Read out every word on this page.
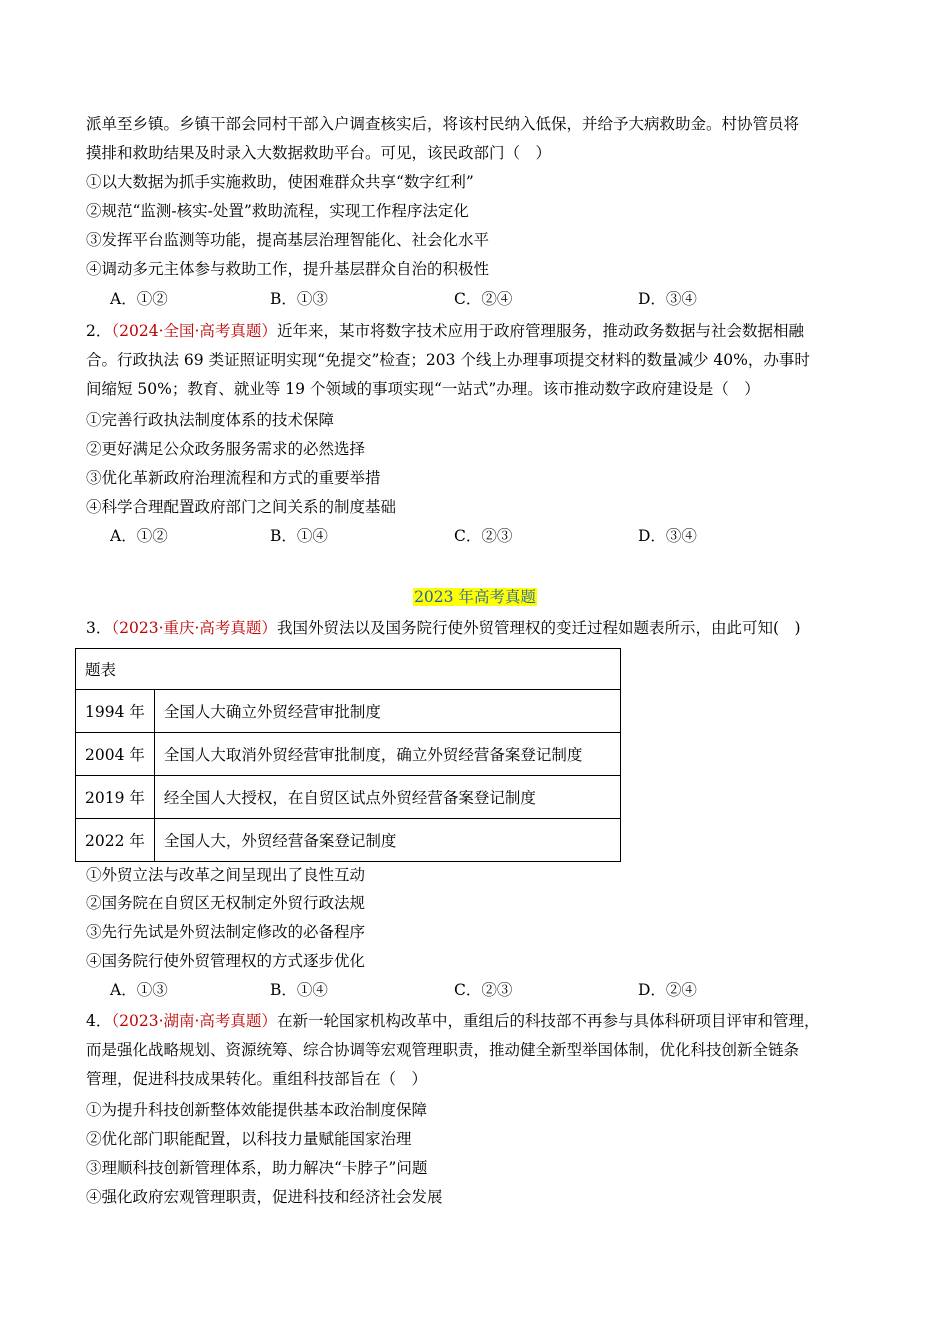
派单至乡镇。乡镇干部会同村干部入户调查核实后，将该村民纳入低保，并给予大病救助金。村协管员将
摸排和救助结果及时录入大数据救助平台。可见，该民政部门（　）
①以大数据为抓手实施救助，使困难群众共享“数字红利”
②规范“监测-核实-处置”救助流程，实现工作程序法定化
③发挥平台监测等功能，提高基层治理智能化、社会化水平
④调动多元主体参与救助工作，提升基层群众自治的积极性
A．①②	B．①③	C．②④	D．③④
2．（2024·全国·高考真题）近年来，某市将数字技术应用于政府管理服务，推动政务数据与社会数据相融
合。行政执法 69 类证照证明实现“免提交”检查；203 个线上办理事项提交材料的数量减少 40%，办事时
间缩短 50%；教育、就业等 19 个领域的事项实现“一站式”办理。该市推动数字政府建设是（　）
①完善行政执法制度体系的技术保障
②更好满足公众政务服务需求的必然选择
③优化革新政府治理流程和方式的重要举措
④科学合理配置政府部门之间关系的制度基础
A．①②	B．①④	C．②③	D．③④
2023 年高考真题
3．（2023·重庆·高考真题）我国外贸法以及国务院行使外贸管理权的变迁过程如题表所示，由此可知(　)
题表	
1994 年	全国人大确立外贸经营审批制度
2004 年	全国人大取消外贸经营审批制度，确立外贸经营备案登记制度
2019 年	经全国人大授权，在自贸区试点外贸经营备案登记制度
2022 年	全国人大，外贸经营备案登记制度
①外贸立法与改革之间呈现出了良性互动
②国务院在自贸区无权制定外贸行政法规
③先行先试是外贸法制定修改的必备程序
④国务院行使外贸管理权的方式逐步优化
A．①③	B．①④	C．②③	D．②④
4．（2023·湖南·高考真题）在新一轮国家机构改革中，重组后的科技部不再参与具体科研项目评审和管理，
而是强化战略规划、资源统筹、综合协调等宏观管理职责，推动健全新型举国体制，优化科技创新全链条
管理，促进科技成果转化。重组科技部旨在（　）
①为提升科技创新整体效能提供基本政治制度保障
②优化部门职能配置，以科技力量赋能国家治理
③理顺科技创新管理体系，助力解决“卡脖子”问题
④强化政府宏观管理职责，促进科技和经济社会发展
